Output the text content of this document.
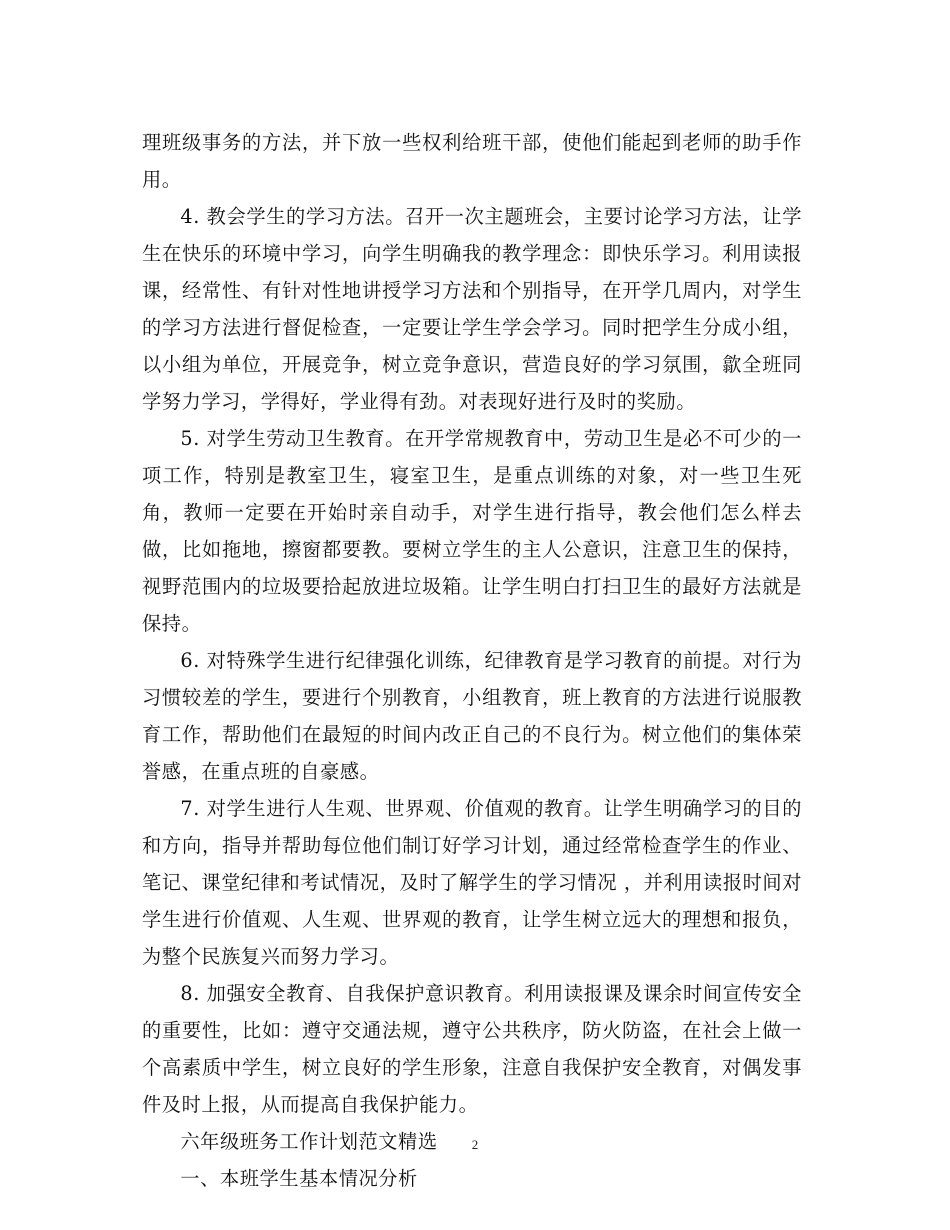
理班级事务的方法，并下放一些权利给班干部，使他们能起到老师的助手作用。

4. 教会学生的学习方法。召开一次主题班会，主要讨论学习方法，让学生在快乐的环境中学习，向学生明确我的教学理念：即快乐学习。利用读报课，经常性、有针对性地讲授学习方法和个别指导，在开学几周内，对学生的学习方法进行督促检查，一定要让学生学会学习。同时把学生分成小组，以小组为单位，开展竞争，树立竞争意识，营造良好的学习氛围，歙全班同学努力学习，学得好，学业得有劲。对表现好进行及时的奖励。

5. 对学生劳动卫生教育。在开学常规教育中，劳动卫生是必不可少的一项工作，特别是教室卫生，寝室卫生，是重点训练的对象，对一些卫生死角，教师一定要在开始时亲自动手，对学生进行指导，教会他们怎么样去做，比如拖地，擦窗都要教。要树立学生的主人公意识，注意卫生的保持，视野范围内的垃圾要拾起放进垃圾箱。让学生明白打扫卫生的最好方法就是保持。

6. 对特殊学生进行纪律强化训练，纪律教育是学习教育的前提。对行为习惯较差的学生，要进行个别教育，小组教育，班上教育的方法进行说服教育工作，帮助他们在最短的时间内改正自己的不良行为。树立他们的集体荣誉感，在重点班的自豪感。

7. 对学生进行人生观、世界观、价值观的教育。让学生明确学习的目的和方向，指导并帮助每位他们制订好学习计划，通过经常检查学生的作业、笔记、课堂纪律和考试情况，及时了解学生的学习情况 ，并利用读报时间对学生进行价值观、人生观、世界观的教育，让学生树立远大的理想和报负，为整个民族复兴而努力学习。

8. 加强安全教育、自我保护意识教育。利用读报课及课余时间宣传安全的重要性，比如：遵守交通法规，遵守公共秩序，防火防盗，在社会上做一个高素质中学生，树立良好的学生形象，注意自我保护安全教育，对偶发事件及时上报，从而提高自我保护能力。

六年级班务工作计划范文精选

一、本班学生基本情况分析

2
